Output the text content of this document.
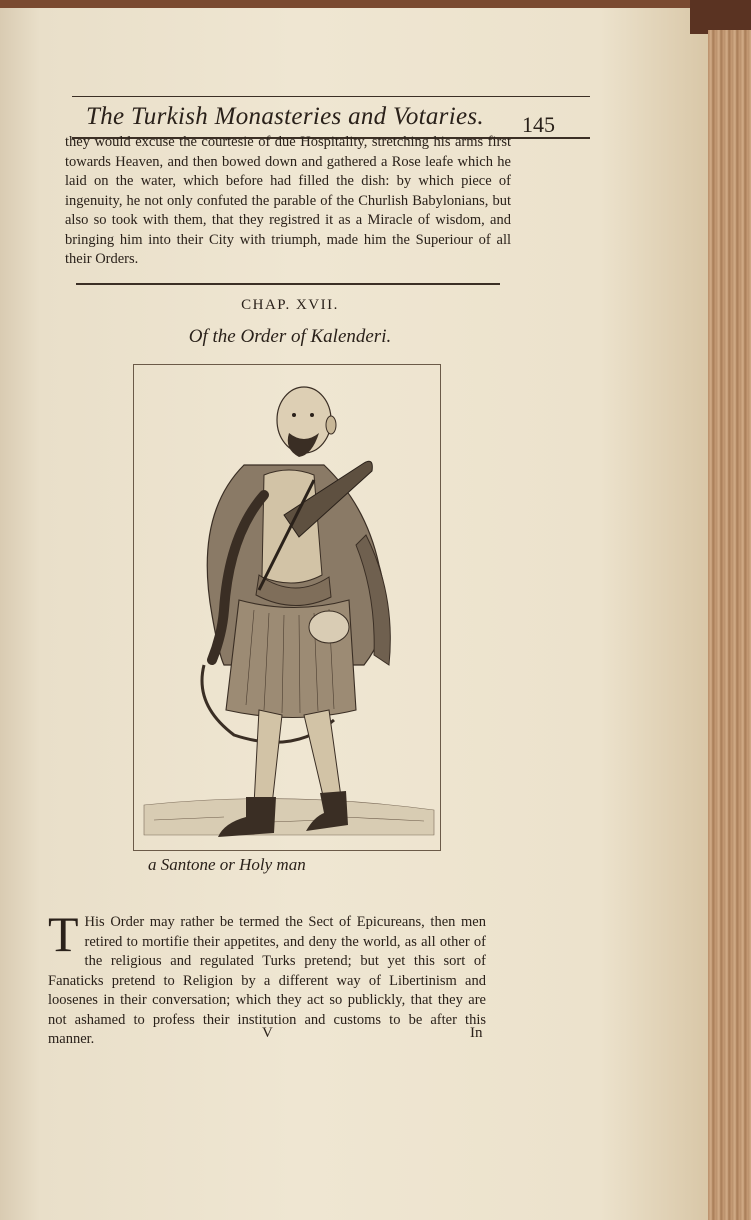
The Turkish Monasteries and Votaries. 145

they would excuse the courtesie of due Hospitality, stretching his arms first towards Heaven, and then bowed down and gathered a Rose leafe which he laid on the water, which before had filled the dish: by which piece of ingenuity, he not only confuted the parable of the Churlish Babylonians, but also so took with them, that they registred it as a Miracle of wisdom, and bringing him into their City with triumph, made him the Superiour of all their Orders.

CHAP. XVII.
Of the Order of Kalenderi.
a Santone or Holy man

T His Order may rather be termed the Sect of Epicureans, then men retired to mortifie their appetites, and deny the world, as all other of the religious and regulated Turks pretend; but yet this sort of Fanaticks pretend to Religion by a different way of Libertinism and loosenes in their conversation; which they act so publickly, that they are not ashamed to profess their institution and customs to be after this manner.	V	In
